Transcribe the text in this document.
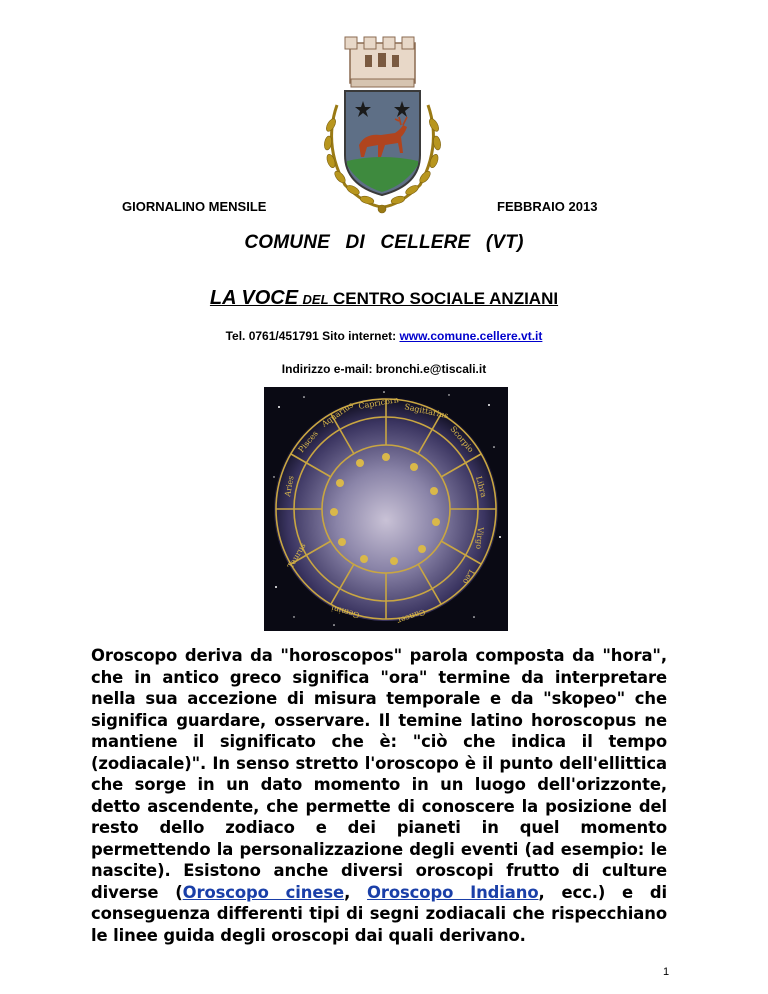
GIORNALINO MENSILE	FEBBRAIO 2013
COMUNE DI CELLERE (VT)
LA VOCE DEL CENTRO SOCIALE ANZIANI
Tel. 0761/451791 Sito internet: www.comune.cellere.vt.it
Indirizzo e-mail: bronchi.e@tiscali.it
Taurus
Aries
Pisces
Aquarius Capricorn Sagittarius
Scorpio
Libra
Virgo
Leo
Cancer
Gemini
Oroscopo deriva da "horoscopos" parola composta da "hora", che in antico greco significa "ora" termine da interpretare nella sua accezione di misura temporale e da "skopeo" che significa guardare, osservare. Il temine latino horoscopus ne mantiene il significato che è: "ciò che indica il tempo (zodiacale)". In senso stretto l'oroscopo è il punto dell'ellittica che sorge in un dato momento in un luogo dell'orizzonte, detto ascendente, che permette di conoscere la posizione del resto dello zodiaco e dei pianeti in quel momento permettendo la personalizzazione degli eventi (ad esempio: le nascite). Esistono anche diversi oroscopi frutto di culture diverse (Oroscopo cinese, Oroscopo Indiano, ecc.) e di conseguenza differenti tipi di segni zodiacali che rispecchiano le linee guida degli oroscopi dai quali derivano.
1
